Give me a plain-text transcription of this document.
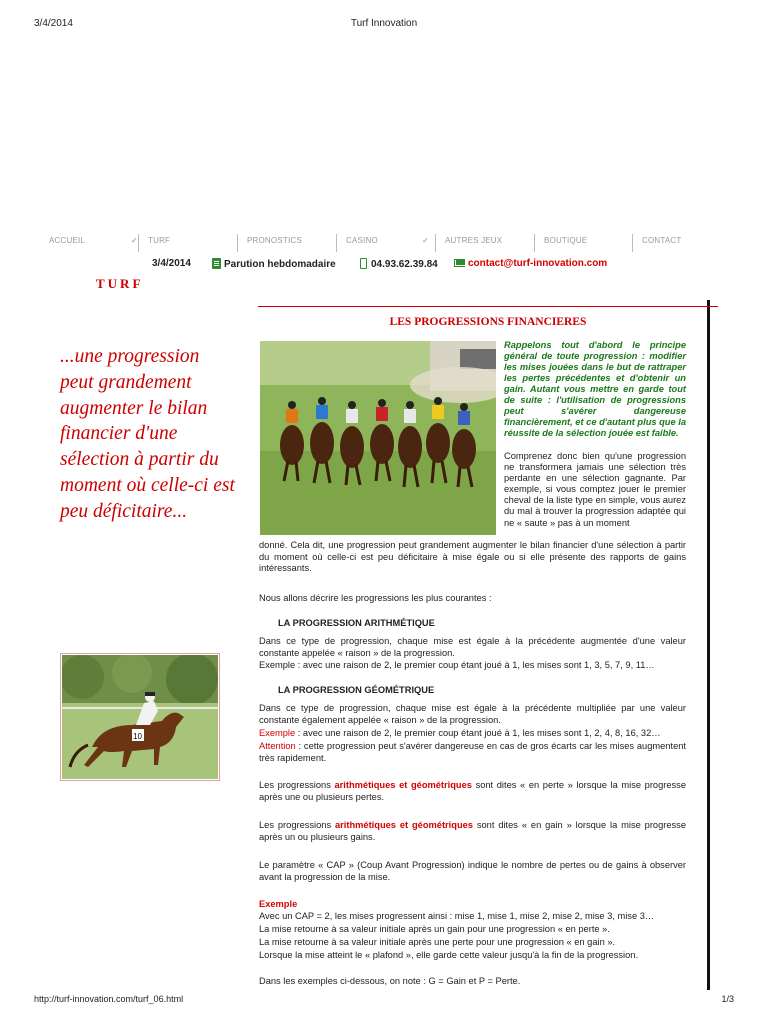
3/4/2014	Turf Innovation
ACCUEIL	✓ TURF	PRONOSTICS	CASINO	✓ AUTRES JEUX	BOUTIQUE	CONTACT
3/4/2014	Parution hebdomadaire	04.93.62.39.84	contact@turf-innovation.com
TURF
...une progression peut grandement augmenter le bilan financier d'une sélection à partir du moment où celle-ci est peu déficitaire...
10
LES PROGRESSIONS FINANCIERES
Rappelons tout d'abord le principe général de toute progression : modifier les mises jouées dans le but de rattraper les pertes précédentes et d'obtenir un gain. Autant vous mettre en garde tout de suite : l'utilisation de progressions peut s'avérer dangereuse financièrement, et ce d'autant plus que la réussite de la sélection jouée est faible.
Comprenez donc bien qu'une progression ne transformera jamais une sélection très perdante en une sélection gagnante. Par exemple, si vous comptez jouer le premier cheval de la liste type en simple, vous aurez du mal à trouver la progression adaptée qui ne « saute » pas à un moment
donné. Cela dit, une progression peut grandement augmenter le bilan financier d'une sélection à partir du moment où celle-ci est peu déficitaire à mise égale ou si elle présente des rapports de gains intéressants.
Nous allons décrire les progressions les plus courantes :
LA PROGRESSION ARITHMÉTIQUE
Dans ce type de progression, chaque mise est égale à la précédente augmentée d'une valeur constante appelée « raison » de la progression.
Exemple : avec une raison de 2, le premier coup étant joué à 1, les mises sont 1, 3, 5, 7, 9, 11…
LA PROGRESSION GÉOMÉTRIQUE
Dans ce type de progression, chaque mise est égale à la précédente multipliée par une valeur constante également appelée « raison » de la progression.
Exemple : avec une raison de 2, le premier coup étant joué à 1, les mises sont 1, 2, 4, 8, 16, 32…
Attention : cette progression peut s'avérer dangereuse en cas de gros écarts car les mises augmentent très rapidement.
Les progressions arithmétiques et géométriques sont dites « en perte » lorsque la mise progresse après une ou plusieurs pertes.
Les progressions arithmétiques et géométriques sont dites « en gain » lorsque la mise progresse après un ou plusieurs gains.
Le paramètre « CAP » (Coup Avant Progression) indique le nombre de pertes ou de gains à observer avant la progression de la mise.
Exemple
Avec un CAP = 2, les mises progressent ainsi : mise 1, mise 1, mise 2, mise 2, mise 3, mise 3…
La mise retourne à sa valeur initiale après un gain pour une progression « en perte ».
La mise retourne à sa valeur initiale après une perte pour une progression « en gain ».
Lorsque la mise atteint le « plafond », elle garde cette valeur jusqu'à la fin de la progression.
Dans les exemples ci-dessous, on note : G = Gain et P = Perte.
http://turf-innovation.com/turf_06.html	1/3
